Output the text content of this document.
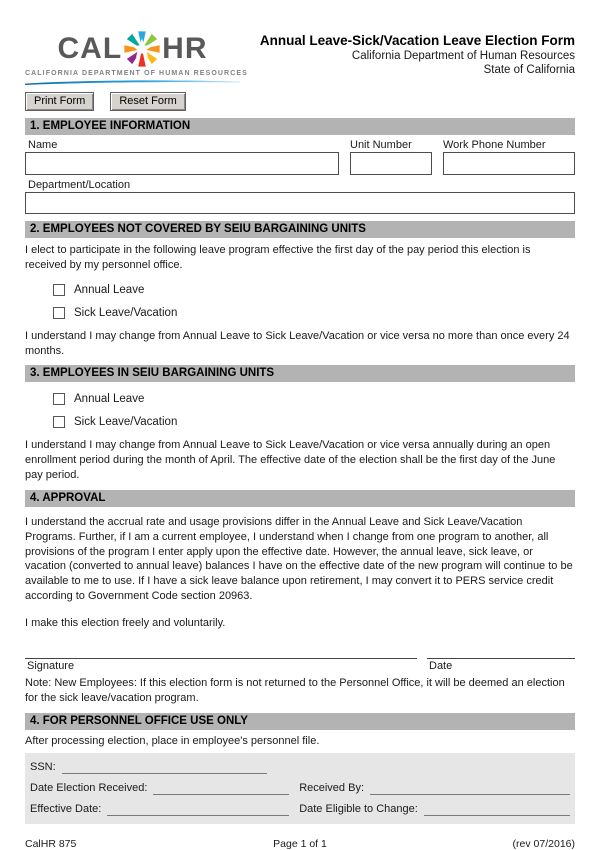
CAL HR
CALIFORNIA DEPARTMENT OF HUMAN RESOURCES
Annual Leave-Sick/Vacation Leave Election Form
California Department of Human Resources
State of California
Print Form	Reset Form
1. EMPLOYEE INFORMATION
Name	Unit Number	Work Phone Number
Department/Location
2. EMPLOYEES NOT COVERED BY SEIU BARGAINING UNITS
I elect to participate in the following leave program effective the first day of the pay period this election is received by my personnel office.
Annual Leave
Sick Leave/Vacation
I understand I may change from Annual Leave to Sick Leave/Vacation or vice versa no more than once every 24 months.
3. EMPLOYEES IN SEIU BARGAINING UNITS
Annual Leave
Sick Leave/Vacation
I understand I may change from Annual Leave to Sick Leave/Vacation or vice versa annually during an open enrollment period during the month of April. The effective date of the election shall be the first day of the June pay period.
4. APPROVAL
I understand the accrual rate and usage provisions differ in the Annual Leave and Sick Leave/Vacation Programs. Further, if I am a current employee, I understand when I change from one program to another, all provisions of the program I enter apply upon the effective date. However, the annual leave, sick leave, or vacation (converted to annual leave) balances I have on the effective date of the new program will continue to be available to me to use. If I have a sick leave balance upon retirement, I may convert it to PERS service credit according to Government Code section 20963.
I make this election freely and voluntarily.
Signature	Date
Note: New Employees: If this election form is not returned to the Personnel Office, it will be deemed an election for the sick leave/vacation program.
4. FOR PERSONNEL OFFICE USE ONLY
After processing election, place in employee's personnel file.
SSN:
Date Election Received:	Received By:
Effective Date:	Date Eligible to Change:
CalHR 875	Page 1 of 1	(rev 07/2016)
